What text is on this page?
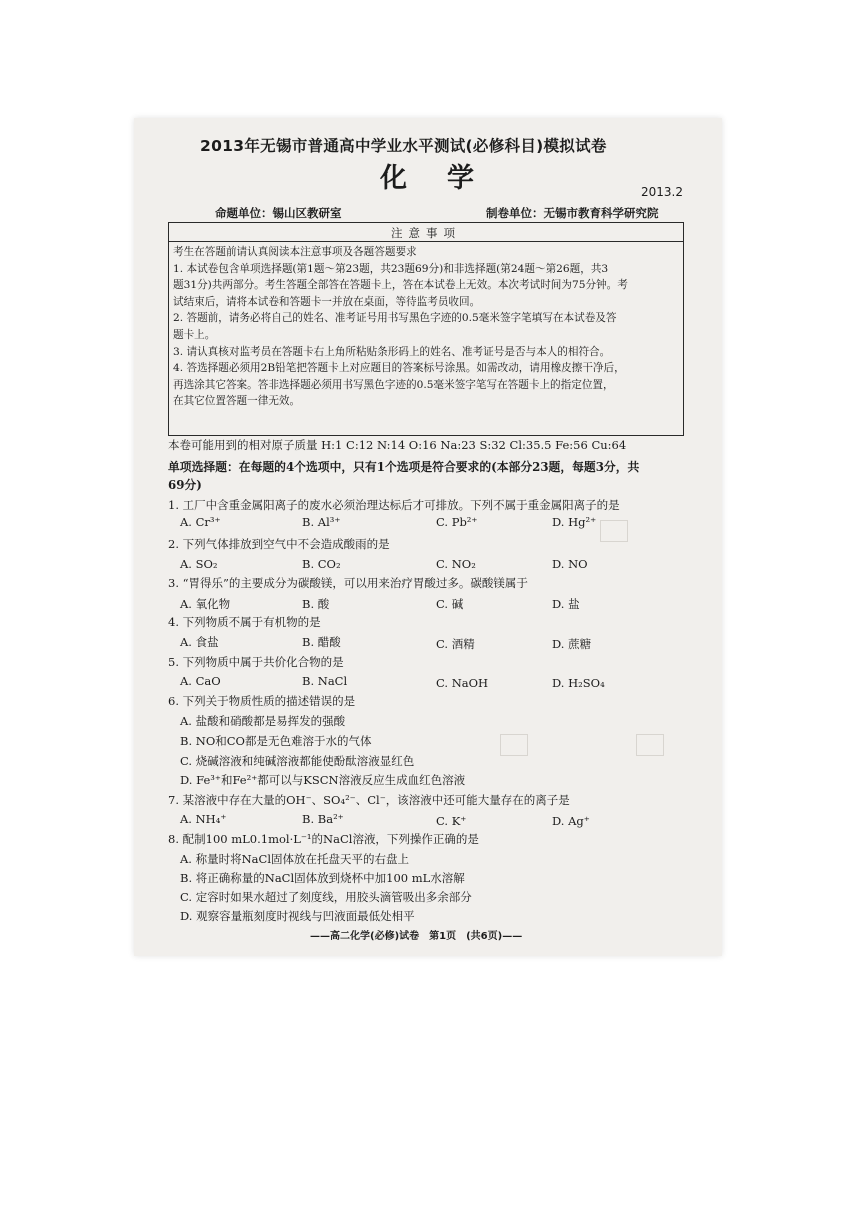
2013年无锡市普通高中学业水平测试(必修科目)模拟试卷
化学	2013.2
命题单位：锡山区教研室	制卷单位：无锡市教育科学研究院
注意事项
考生在答题前请认真阅读本注意事项及各题答题要求
1. 本试卷包含单项选择题(第1题～第23题，共23题69分)和非选择题(第24题～第26题，共3
题31分)共两部分。考生答题全部答在答题卡上，答在本试卷上无效。本次考试时间为75分钟。考
试结束后，请将本试卷和答题卡一并放在桌面，等待监考员收回。
2. 答题前，请务必将自己的姓名、准考证号用书写黑色字迹的0.5毫米签字笔填写在本试卷及答
题卡上。
3. 请认真核对监考员在答题卡右上角所粘贴条形码上的姓名、准考证号是否与本人的相符合。
4. 答选择题必须用2B铅笔把答题卡上对应题目的答案标号涂黑。如需改动，请用橡皮擦干净后，
再选涂其它答案。答非选择题必须用书写黑色字迹的0.5毫米签字笔写在答题卡上的指定位置，
在其它位置答题一律无效。
本卷可能用到的相对原子质量 H:1 C:12 N:14 O:16 Na:23 S:32 Cl:35.5 Fe:56 Cu:64
单项选择题：在每题的4个选项中，只有1个选项是符合要求的(本部分23题，每题3分，共
69分)
1. 工厂中含重金属阳离子的废水必须治理达标后才可排放。下列不属于重金属阳离子的是
A. Cr³⁺	B. Al³⁺	C. Pb²⁺	D. Hg²⁺
2. 下列气体排放到空气中不会造成酸雨的是
A. SO₂	B. CO₂	C. NO₂	D. NO
3. “胃得乐”的主要成分为碳酸镁，可以用来治疗胃酸过多。碳酸镁属于
A. 氧化物	B. 酸	C. 碱	D. 盐
4. 下列物质不属于有机物的是
A. 食盐	B. 醋酸	C. 酒精	D. 蔗糖
5. 下列物质中属于共价化合物的是
A. CaO	B. NaCl	C. NaOH	D. H₂SO₄
6. 下列关于物质性质的描述错误的是
A. 盐酸和硝酸都是易挥发的强酸
B. NO和CO都是无色难溶于水的气体
C. 烧碱溶液和纯碱溶液都能使酚酞溶液显红色
D. Fe³⁺和Fe²⁺都可以与KSCN溶液反应生成血红色溶液
7. 某溶液中存在大量的OH⁻、SO₄²⁻、Cl⁻，该溶液中还可能大量存在的离子是
A. NH₄⁺	B. Ba²⁺	C. K⁺	D. Ag⁺
8. 配制100 mL0.1mol·L⁻¹的NaCl溶液，下列操作正确的是
A. 称量时将NaCl固体放在托盘天平的右盘上
B. 将正确称量的NaCl固体放到烧杯中加100 mL水溶解
C. 定容时如果水超过了刻度线，用胶头滴管吸出多余部分
D. 观察容量瓶刻度时视线与凹液面最低处相平
——高二化学(必修)试卷　第1页　(共6页)——
